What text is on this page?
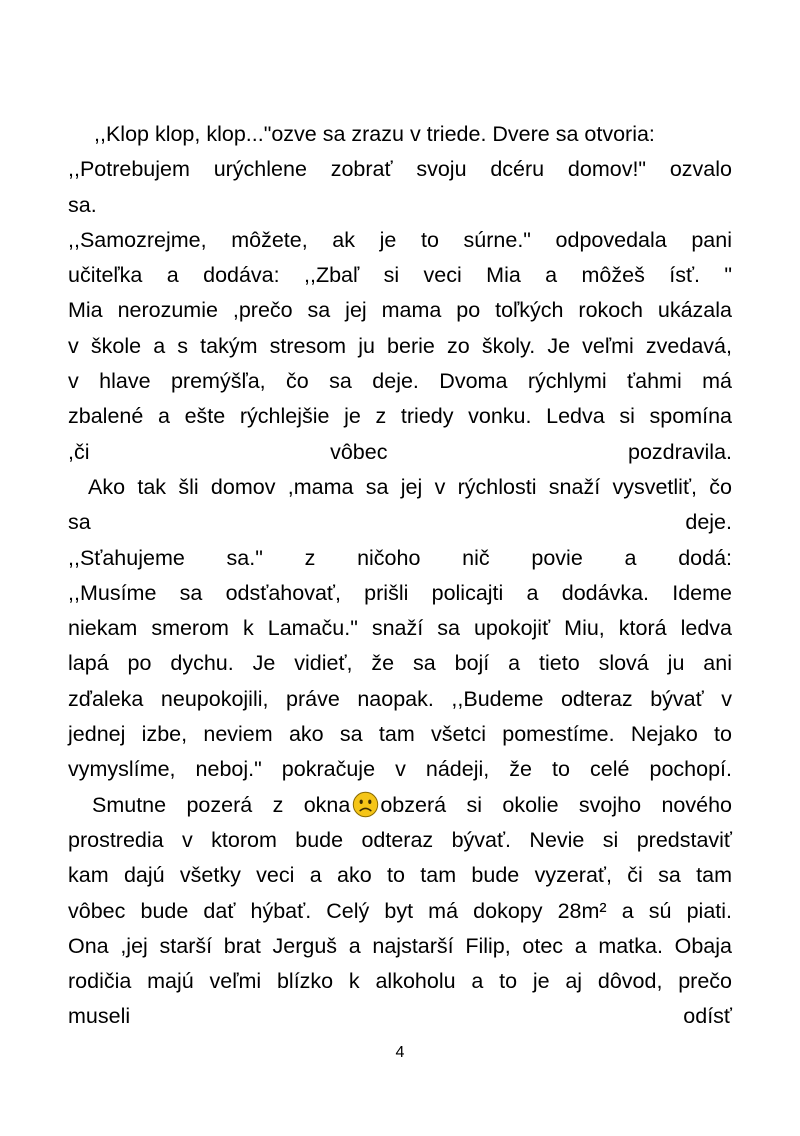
,,Klop klop, klop..."ozve sa zrazu v triede. Dvere sa otvoria:
,,Potrebujem urýchlene zobrať svoju dcéru domov!" ozvalo
sa.
,,Samozrejme, môžete, ak je to súrne." odpovedala pani
učiteľka a dodáva: ,,Zbaľ si veci Mia a môžeš ísť. "
Mia nerozumie ,prečo sa jej mama po toľkých rokoch ukázala
v škole a s takým stresom ju berie zo školy. Je veľmi zvedavá,
v hlave premýšľa, čo sa deje. Dvoma rýchlymi ťahmi má
zbalené a ešte rýchlejšie je z triedy vonku. Ledva si spomína
,či vôbec pozdravila.
Ako tak šli domov ,mama sa jej v rýchlosti snaží vysvetliť, čo
sa deje.
,,Sťahujeme sa." z ničoho nič povie a dodá:
,,Musíme sa odsťahovať, prišli policajti a dodávka. Ideme
niekam smerom k Lamaču." snaží sa upokojiť Miu, ktorá ledva
lapá po dychu. Je vidieť, že sa bojí a tieto slová ju ani
zďaleka neupokojili, práve naopak. ,,Budeme odteraz bývať v
jednej izbe, neviem ako sa tam všetci pomestíme. Nejako to
vymyslíme, neboj." pokračuje v nádeji, že to celé pochopí.
Smutne pozerá z okna obzerá si okolie svojho nového
prostredia v ktorom bude odteraz bývať. Nevie si predstaviť
kam dajú všetky veci a ako to tam bude vyzerať, či sa tam
vôbec bude dať hýbať. Celý byt má dokopy 28m² a sú piati.
Ona ,jej starší brat Jerguš a najstarší Filip, otec a matka. Obaja
rodičia majú veľmi blízko k alkoholu a to je aj dôvod, prečo
museli odísť
4
